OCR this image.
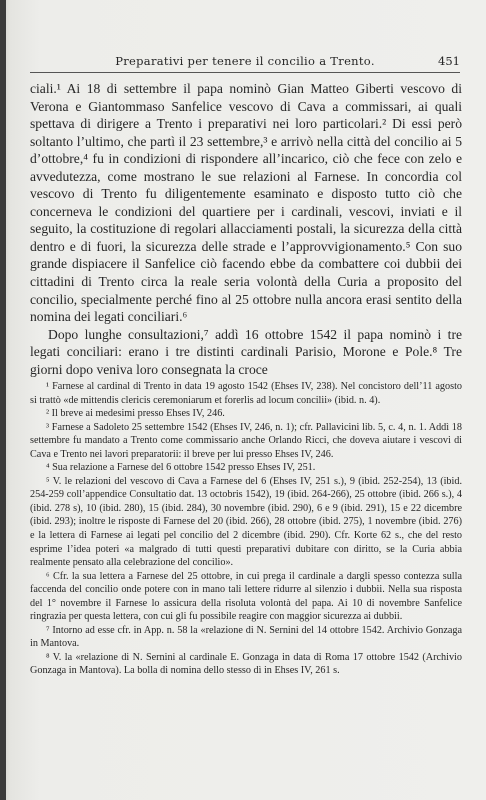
Preparativi per tenere il concilio a Trento.	451

ciali.¹ Ai 18 di settembre il papa nominò Gian Matteo Giberti vescovo di Verona e Giantommaso Sanfelice vescovo di Cava a commissari, ai quali spettava di dirigere a Trento i preparativi nei loro particolari.² Di essi però soltanto l’ultimo, che partì il 23 settembre,³ e arrivò nella città del concilio ai 5 d’ottobre,⁴ fu in condizioni di rispondere all’incarico, ciò che fece con zelo e avvedutezza, come mostrano le sue relazioni al Farnese. In concordia col vescovo di Trento fu diligentemente esaminato e disposto tutto ciò che concerneva le condizioni del quartiere per i cardinali, vescovi, inviati e il seguito, la costituzione di regolari allacciamenti postali, la sicurezza della città dentro e di fuori, la sicurezza delle strade e l’approvvigionamento.⁵ Con suo grande dispiacere il Sanfelice ciò facendo ebbe da combattere coi dubbii dei cittadini di Trento circa la reale seria volontà della Curia a proposito del concilio, specialmente perché fino al 25 ottobre nulla ancora erasi sentito della nomina dei legati conciliari.⁶

Dopo lunghe consultazioni,⁷ addì 16 ottobre 1542 il papa nominò i tre legati conciliari: erano i tre distinti cardinali Parisio, Morone e Pole.⁸ Tre giorni dopo veniva loro consegnata la croce

¹ Farnese al cardinal di Trento in data 19 agosto 1542 (Ehses IV, 238). Nel concistoro dell’11 agosto si trattò «de mittendis clericis ceremoniarum et forerlis ad locum concilii» (ibid. n. 4).

² Il breve ai medesimi presso Ehses IV, 246.

³ Farnese a Sadoleto 25 settembre 1542 (Ehses IV, 246, n. 1); cfr. Pallavicini lib. 5, c. 4, n. 1. Addì 18 settembre fu mandato a Trento come commissario anche Orlando Ricci, che doveva aiutare i vescovi di Cava e Trento nei lavori preparatorii: il breve per lui presso Ehses IV, 246.

⁴ Sua relazione a Farnese del 6 ottobre 1542 presso Ehses IV, 251.

⁵ V. le relazioni del vescovo di Cava a Farnese del 6 (Ehses IV, 251 s.), 9 (ibid. 252-254), 13 (ibid. 254-259 coll’appendice Consultatio dat. 13 octobris 1542), 19 (ibid. 264-266), 25 ottobre (ibid. 266 s.), 4 (ibid. 278 s), 10 (ibid. 280), 15 (ibid. 284), 30 novembre (ibid. 290), 6 e 9 (ibid. 291), 15 e 22 dicembre (ibid. 293); inoltre le risposte di Farnese del 20 (ibid. 266), 28 ottobre (ibid. 275), 1 novembre (ibid. 276) e la lettera di Farnese ai legati pel concilio del 2 dicembre (ibid. 290). Cfr. Korte 62 s., che del resto esprime l’idea poteri «a malgrado di tutti questi preparativi dubitare con diritto, se la Curia abbia realmente pensato alla celebrazione del concilio».

⁶ Cfr. la sua lettera a Farnese del 25 ottobre, in cui prega il cardinale a dargli spesso contezza sulla faccenda del concilio onde potere con in mano tali lettere ridurre al silenzio i dubbii. Nella sua risposta del 1° novembre il Farnese lo assicura della risoluta volontà del papa. Ai 10 di novembre Sanfelice ringrazia per questa lettera, con cui gli fu possibile reagire con maggior sicurezza ai dubbii.

⁷ Intorno ad esse cfr. in App. n. 58 la «relazione di N. Sernini del 14 ottobre 1542. Archivio Gonzaga in Mantova.

⁸ V. la «relazione di N. Sernini al cardinale E. Gonzaga in data di Roma 17 ottobre 1542 (Archivio Gonzaga in Mantova). La bolla di nomina dello stesso dì in Ehses IV, 261 s.
